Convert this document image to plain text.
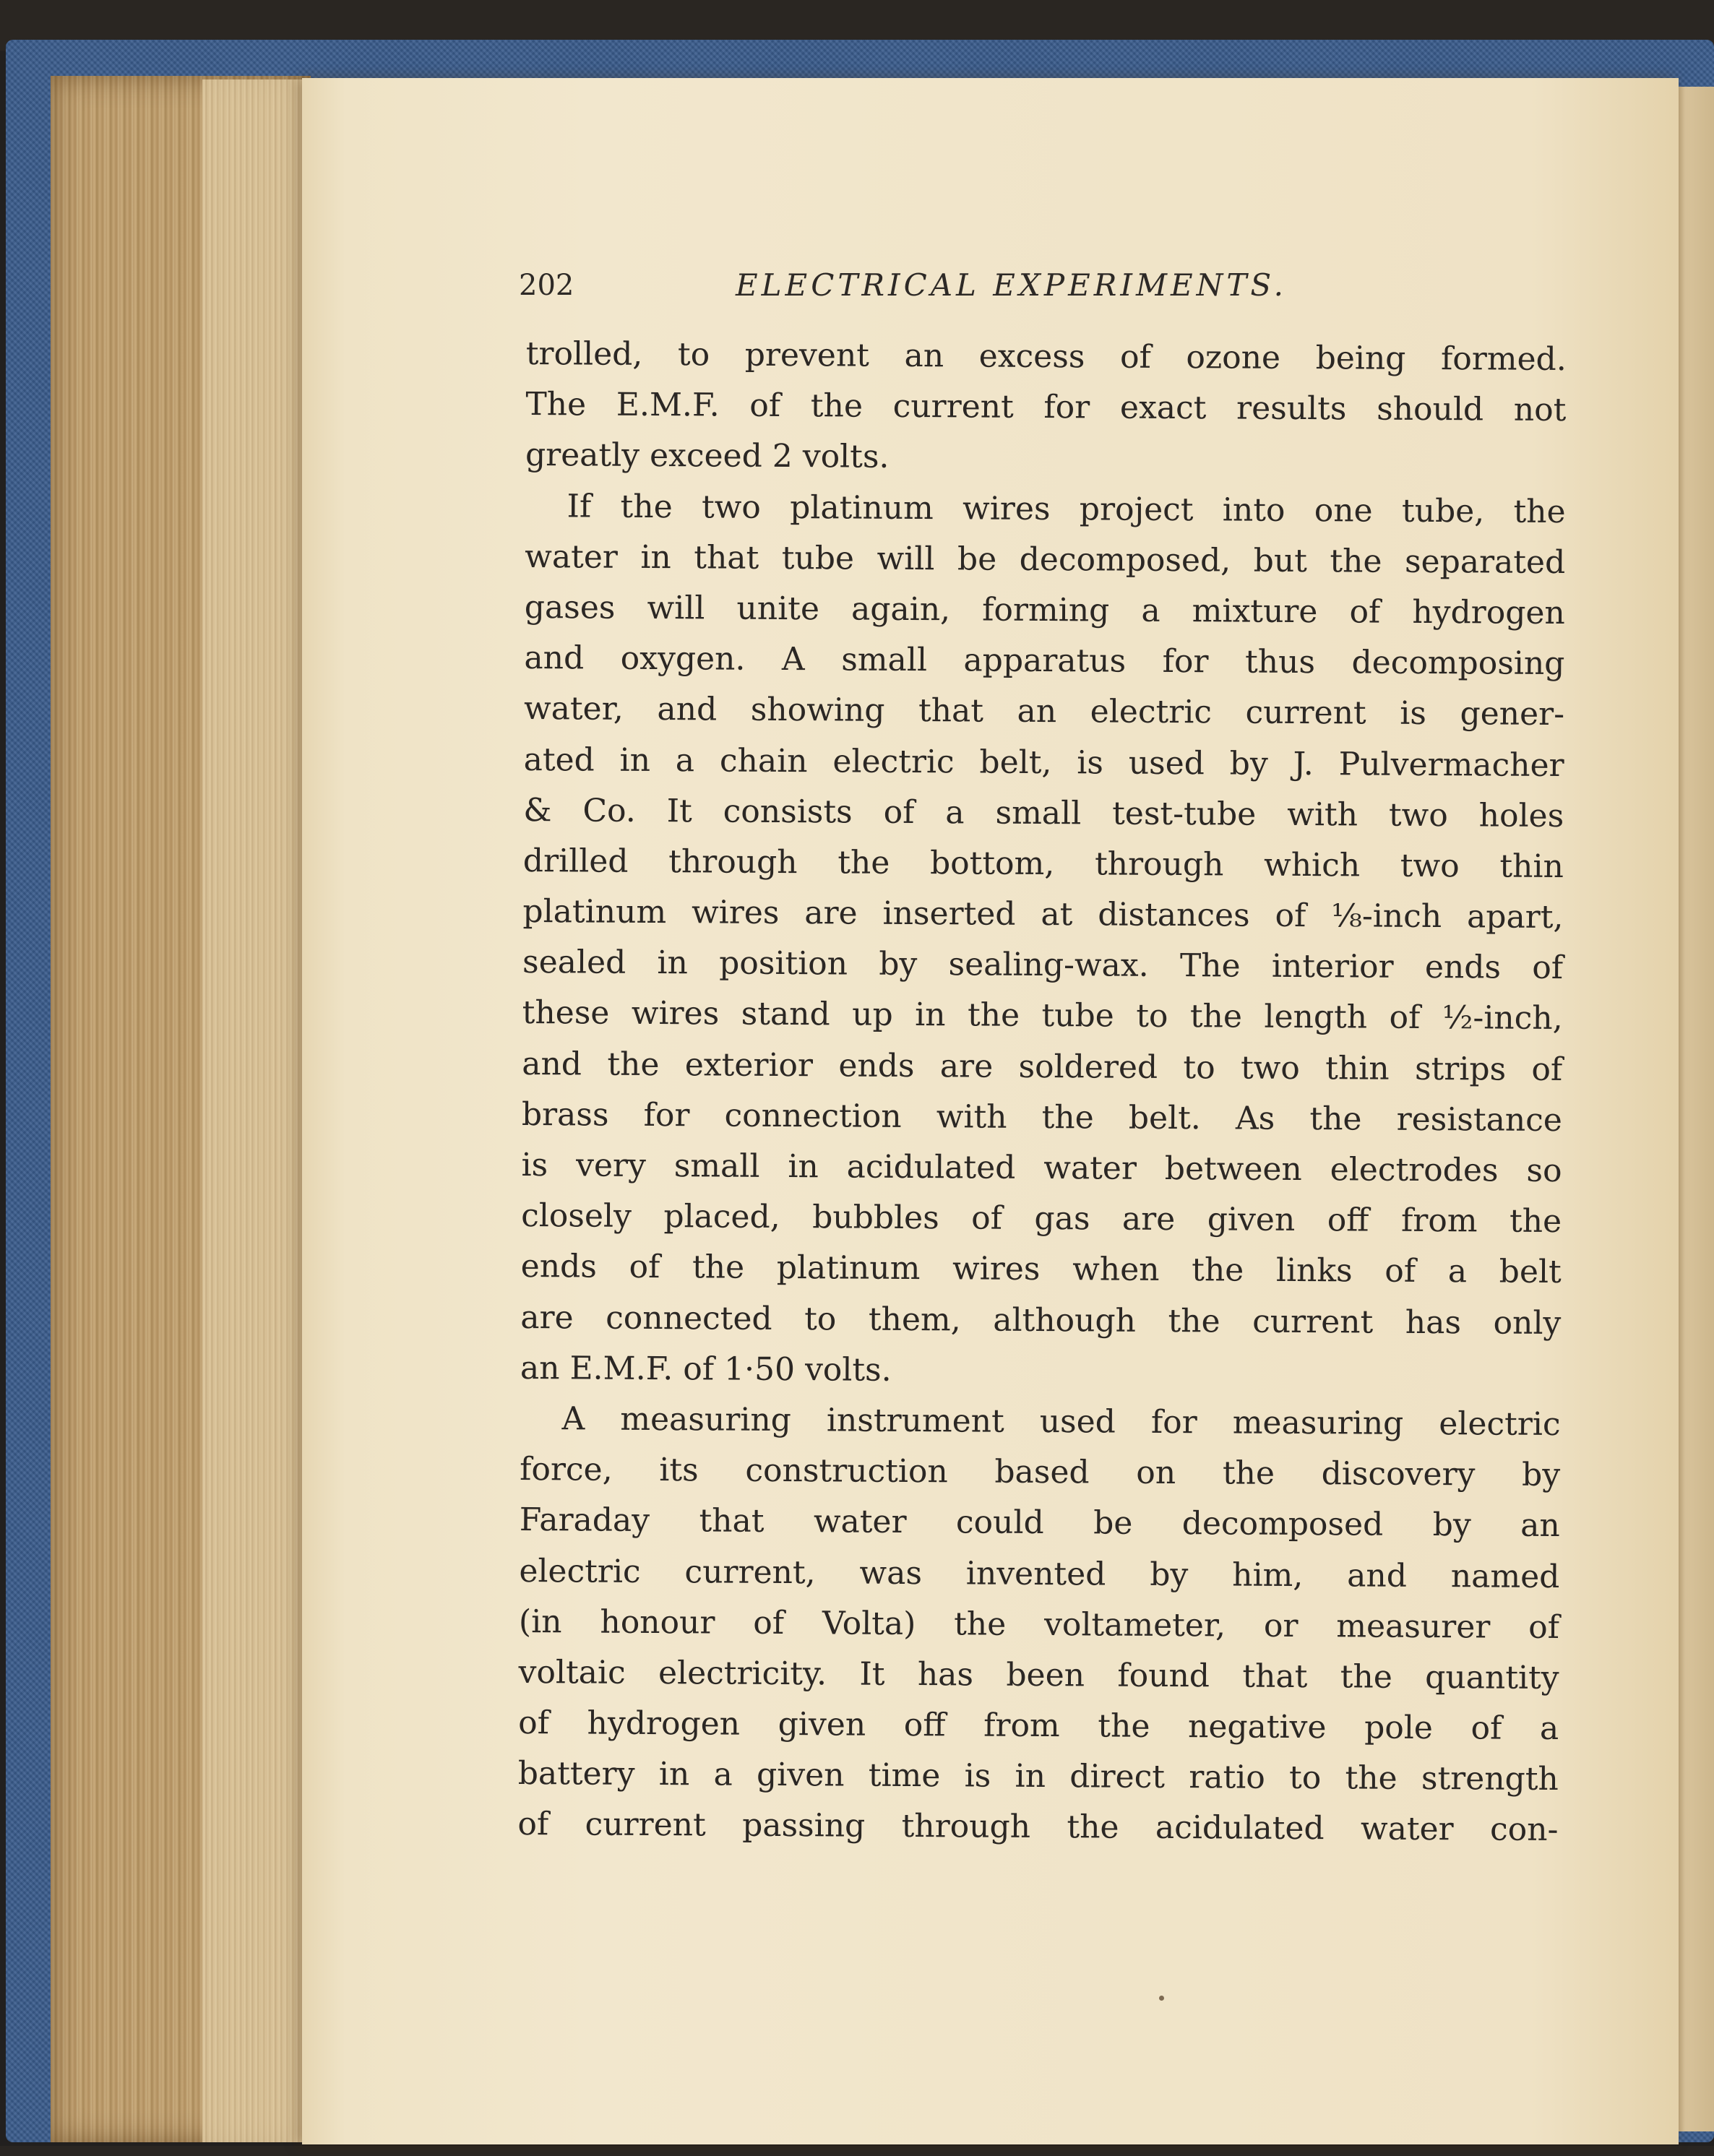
202	ELECTRICAL EXPERIMENTS.
trolled, to prevent an excess of ozone being formed.
The E.M.F. of the current for exact results should not
greatly exceed 2 volts.
If the two platinum wires project into one tube, the
water in that tube will be decomposed, but the separated
gases will unite again, forming a mixture of hydrogen
and oxygen. A small apparatus for thus decomposing
water, and showing that an electric current is gener-
ated in a chain electric belt, is used by J. Pulvermacher
& Co. It consists of a small test-tube with two holes
drilled through the bottom, through which two thin
platinum wires are inserted at distances of ⅛-inch apart,
sealed in position by sealing-wax. The interior ends of
these wires stand up in the tube to the length of ½-inch,
and the exterior ends are soldered to two thin strips of
brass for connection with the belt. As the resistance
is very small in acidulated water between electrodes so
closely placed, bubbles of gas are given off from the
ends of the platinum wires when the links of a belt
are connected to them, although the current has only
an E.M.F. of 1·50 volts.
A measuring instrument used for measuring electric
force, its construction based on the discovery by
Faraday that water could be decomposed by an
electric current, was invented by him, and named
(in honour of Volta) the voltameter, or measurer of
voltaic electricity. It has been found that the quantity
of hydrogen given off from the negative pole of a
battery in a given time is in direct ratio to the strength
of current passing through the acidulated water con-
